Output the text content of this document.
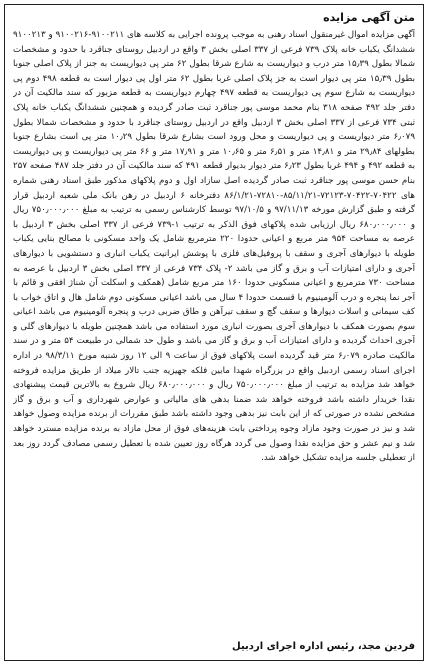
متن آگهی مزایده

آگهی مزایده اموال غیرمنقول اسناد رهنی به موجب پرونده اجرایی به کلاسه های ۹۱۰۰۲۱۱-۹۱۰۰۲۱۶ و ۹۱۰۰۲۱۳ ششدانگ یکباب خانه پلاک ۷۳۹ فرعی از ۳۳۷ اصلی بخش ۳ واقع در اردبیل روستای جناقرد با حدود و مشخصات شمالا بطول ۱۵٫۳۹ متر درب و دیواریست به شارع شرقا بطول ۶۲ متر پی دیواریست به جنز از پلاک اصلی جنوبا بطول ۱۵٫۳۹ متر پی دیوار است به جز پلاک اصلی غربا بطول ۶۲ متر اول پی دیوار است به قطعه ۴۹۸ دوم پی دیواریست به شارع سوم پی دیواریست به قطعه ۴۹۷ چهارم دیواریست به قطعه مزبور که سند مالکیت آن در دفتر جلد ۴۹۲ صفحه ۳۱۸ بنام محمد موسی پور جناقرد ثبت صادر گردیده و همچنین ششدانگ یکباب خانه پلاک ثبتی ۷۳۴ فرعی از ۳۳۷ اصلی بخش ۳ اردبیل واقع در اردبیل روستای جناقرد با حدود و مشخصات شمالا بطول ۶٫۰۷۹ متر دیواریست و پی دیواریست و محل ورود است بشارع شرقا بطول ۱۰٫۲۹ متر پی است بشارع جنوبا بطولهای ۲۹٫۸۴ متر و ۱۴٫۸۱ متر و ۶٫۵۱ متر و ۱۰٫۶۵ متر و ۱۷٫۹۱ متر و ۶۶ متر پی دیواریست و پی دیواریست به قطعه ۴۹۲ و ۴۹۴ غربا بطول ۶٫۲۳ متر دیوار بدیوار قطعه ۴۹۱ که سند مالکیت آن در دفتر جلد ۴۸۷ صفحه ۲۵۷ بنام حسن موسی پور جناقرد ثبت صادر گردیده اصل سازاد اول و دوم پلاکهای مذکور طبق اسناد رهنی شماره های ۷۰۴۲۲-۷۰۴۲۲-۷۲۱۲۳-۸۵/۱۱/۲۱-۷۲۸۱۰-۸۶/۱/۲۱ دفترخانه ۶ اردبیل در رهن بانک ملی شعبه اردبیل قرار گرفته و طبق گزارش مورخه ۹۷/۱۱/۱۳ و ۹۷/۱۰/۵ توسط کارشناس رسمی به ترتیب به مبلغ ۷۵۰٫۰۰۰٫۰۰۰ ریال و ۶۸۰٫۰۰۰٫۰۰۰ ریال ارزیابی شده پلاکهای فوق الذکر به ترتیب ۱-۷۳۹ فرعی از ۳۳۷ اصلی بخش ۳ اردبیل با عرصه به مساحت ۹۵۴ متر مربع و اعیانی حدودا ۲۲۰ مترمربع شامل یک واحد مسکونی با مصالح بنایی یکباب طویله با دیوارهای آجری و سقف با پروفیل‌های فلزی با پوشش ایرانیت یکباب انباری و دستشویی با دیوارهای آجری و دارای امتیازات آب و برق و گاز می باشد ۲- پلاک ۷۳۴ فرعی از ۳۳۷ اصلی بخش ۳ اردبیل با عرصه به مساحت ۷۳۰ مترمربع و اعیانی مسکونی حدودا ۱۶۰ متر مربع شامل (همکف و اسکلت آن شناژ افقی و قائم با آجر نما پنجره و درب آلومینیوم با قسمت حدودا ۴ سال می باشد اعیانی مسکونی دوم شامل هال و اتاق خواب با کف سیمانی و اسلات دیوارها و سقف گچ و سقف تیرآهن و طاق ضربی درب و پنجره آلومینیوم می باشد اعیانی سوم بصورت همکف با دیوارهای آجری بصورت انباری مورد استفاده می باشد همچنین طویله با دیوارهای گلی و آجری احداث گردیده و دارای امتیازات آب و برق و گاز می باشد و طول حد شمالی در طبیعت ۵۴ متر و در سند مالکیت صادره ۶٫۰۷۹ متر قید گردیده است پلاکهای فوق از ساعت ۹ الی ۱۲ روز شنبه مورخ ۹۸/۳/۱۱ در اداره اجرای اسناد رسمی اردبیل واقع در بزرگراه شهدا مابین فلکه جهیزیه جنب تالار میلاد از طریق مزایده فروخته خواهد شد مزایده به ترتیب از مبلغ ۷۵۰٫۰۰۰٫۰۰۰ ریال و ۶۸۰٫۰۰۰٫۰۰۰ ریال شروع به بالاترین قیمت پیشنهادی نقدا خریدار داشته باشد فروخته خواهد شد ضمنا بدهی های مالیاتی و عوارض شهرداری و آب و برق و گاز مشخص نشده در صورتی که از این بابت نیز بدهی وجود داشته باشد طبق مقررات از برنده مزایده وصول خواهد شد و نیز در صورت وجود مازاد وجوه پرداختی بابت هزینه‌های فوق از محل مازاد به برنده مزایده مسترد خواهد شد و نیم عشر و حق مزایده نقدا وصول می گردد هرگاه روز تعیین شده با تعطیل رسمی مصادف گردد روز بعد از تعطیلی جلسه مزایده تشکیل خواهد شد.

فردین مجد، رئیس اداره اجرای اردبیل
